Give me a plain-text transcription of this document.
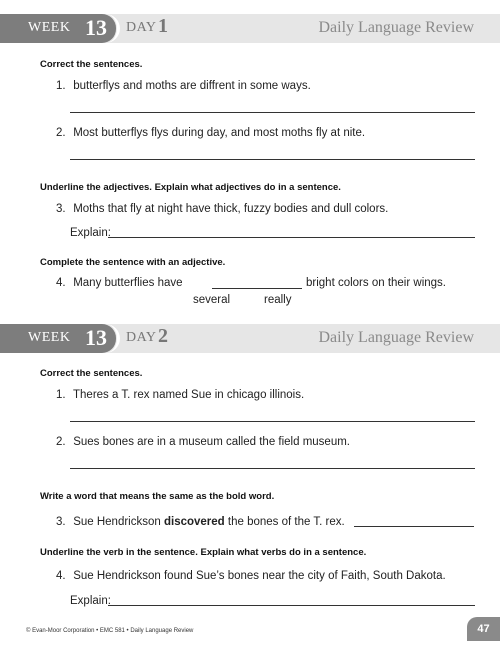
WEEK 13 DAY 1	Daily Language Review
Correct the sentences.
1. butterflys and moths are diffrent in some ways.
2. Most butterflys flys during day, and most moths fly at nite.
Underline the adjectives. Explain what adjectives do in a sentence.
3. Moths that fly at night have thick, fuzzy bodies and dull colors.
Explain:
Complete the sentence with an adjective.
4. Many butterflies have	bright colors on their wings.
several	really
WEEK 13 DAY 2	Daily Language Review
Correct the sentences.
1. Theres a T. rex named Sue in chicago illinois.
2. Sues bones are in a museum called the field museum.
Write a word that means the same as the bold word.
3. Sue Hendrickson discovered the bones of the T. rex.
Underline the verb in the sentence. Explain what verbs do in a sentence.
4. Sue Hendrickson found Sue’s bones near the city of Faith, South Dakota.
Explain:
© Evan-Moor Corporation • EMC 581 • Daily Language Review	47
